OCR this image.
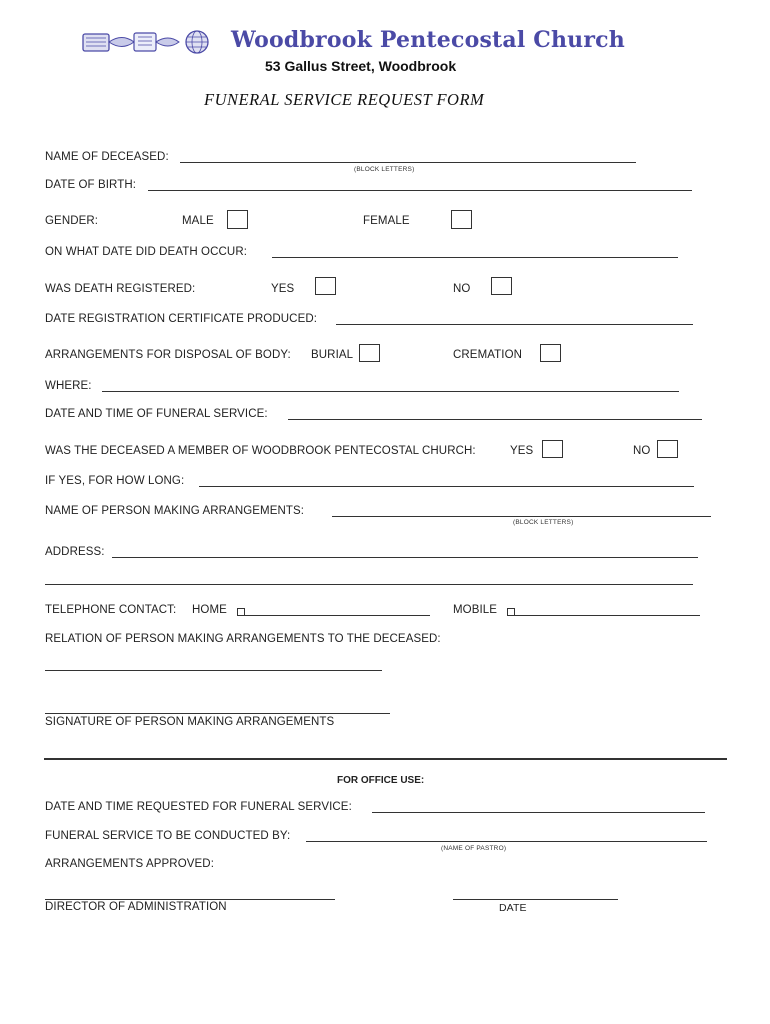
Woodbrook Pentecostal Church
53 Gallus Street, Woodbrook
FUNERAL SERVICE REQUEST FORM
NAME OF DECEASED:
(BLOCK LETTERS)
DATE OF BIRTH:
GENDER:	MALE	FEMALE
ON WHAT DATE DID DEATH OCCUR:
WAS DEATH REGISTERED:	YES	NO
DATE REGISTRATION CERTIFICATE PRODUCED:
ARRANGEMENTS FOR DISPOSAL OF BODY: BURIAL	CREMATION
WHERE:
DATE AND TIME OF FUNERAL SERVICE:
WAS THE DECEASED A MEMBER OF WOODBROOK PENTECOSTAL CHURCH:	YES	NO
IF YES, FOR HOW LONG:
NAME OF PERSON MAKING ARRANGEMENTS:
(BLOCK LETTERS)
ADDRESS:
TELEPHONE CONTACT: HOME	MOBILE
RELATION OF PERSON MAKING ARRANGEMENTS TO THE DECEASED:
SIGNATURE OF PERSON MAKING ARRANGEMENTS
FOR OFFICE USE:
DATE AND TIME REQUESTED FOR FUNERAL SERVICE:
FUNERAL SERVICE TO BE CONDUCTED BY:
(NAME OF PASTRO)
ARRANGEMENTS APPROVED:
DIRECTOR OF ADMINISTRATION	DATE
